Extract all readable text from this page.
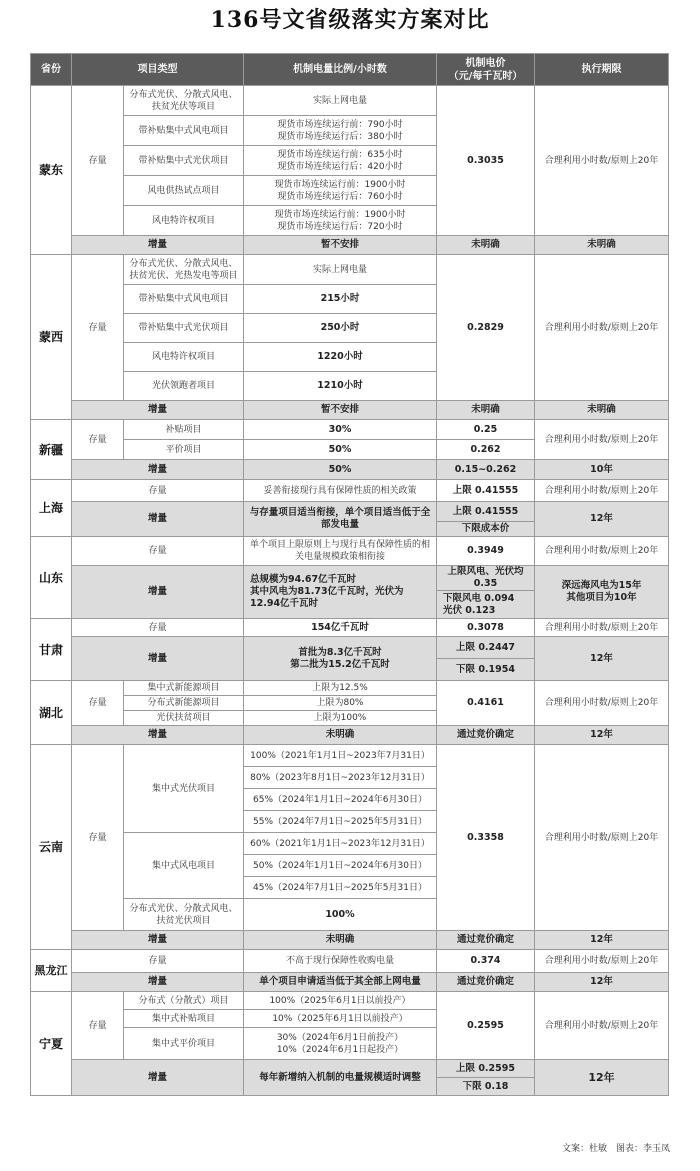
136号文省级落实方案对比
省份	项目类型		机制电量比例/小时数	机制电价
（元/每千瓦时）	执行期限
蒙东	存量	分布式光伏、分散式风电、
扶贫光伏等项目	实际上网电量	0.3035	合理利用小时数/原则上20年
		带补贴集中式风电项目	现货市场连续运行前：790小时
现货市场连续运行后：380小时		
		带补贴集中式光伏项目	现货市场连续运行前：635小时
现货市场连续运行后：420小时		
		风电供热试点项目	现货市场连续运行前：1900小时
现货市场连续运行后：760小时		
		风电特许权项目	现货市场连续运行前：1900小时
现货市场连续运行后：720小时		
	增量		暂不安排	未明确	未明确
蒙西	存量	分布式光伏、分散式风电、
扶贫光伏、光热发电等项目	实际上网电量	0.2829	合理利用小时数/原则上20年
		带补贴集中式风电项目	215小时		
		带补贴集中式光伏项目	250小时		
		风电特许权项目	1220小时		
		光伏领跑者项目	1210小时		
	增量		暂不安排	未明确	未明确
新疆	存量	补贴项目	30%	0.25	合理利用小时数/原则上20年
		平价项目	50%	0.262	
	增量		50%	0.15~0.262	10年
上海	存量		妥善衔接现行具有保障性质的相关政策	上限 0.41555	合理利用小时数/原则上20年
	增量		与存量项目适当衔接，单个项目适当低于全部发电量	上限 0.41555	12年
				下限成本价	
山东	存量		单个项目上限原则上与现行具有保障性质的相关电量规模政策相衔接	0.3949	合理利用小时数/原则上20年
	增量		总规模为94.67亿千瓦时
其中风电为81.73亿千瓦时，光伏为12.94亿千瓦时	上限风电、光伏均0.35	深远海风电为15年
其他项目为10年
				下限风电 0.094
光伏 0.123	
甘肃	存量		154亿千瓦时	0.3078	合理利用小时数/原则上20年
	增量		首批为8.3亿千瓦时
第二批为15.2亿千瓦时	上限 0.2447	12年
				下限 0.1954	
湖北	存量	集中式新能源项目	上限为12.5%	0.4161	合理利用小时数/原则上20年
		分布式新能源项目	上限为80%		
		光伏扶贫项目	上限为100%		
	增量		未明确	通过竞价确定	12年
云南	存量	集中式光伏项目	100%（2021年1月1日~2023年7月31日）	0.3358	合理利用小时数/原则上20年
			80%（2023年8月1日~2023年12月31日）		
			65%（2024年1月1日~2024年6月30日）		
			55%（2024年7月1日~2025年5月31日）		
		集中式风电项目	60%（2021年1月1日~2023年12月31日）		
			50%（2024年1月1日~2024年6月30日）		
			45%（2024年7月1日~2025年5月31日）		
		分布式光伏、分散式风电、
扶贫光伏项目	100%		

	增量		未明确	通过竞价确定	12年
黑龙江	存量		不高于现行保障性收购电量	0.374	合理利用小时数/原则上20年
	增量		单个项目申请适当低于其全部上网电量	通过竞价确定	12年
宁夏	存量	分布式（分散式）项目	100%（2025年6月1日以前投产）	0.2595	合理利用小时数/原则上20年
		集中式补贴项目	10%（2025年6月1日以前投产）		
		集中式平价项目	30%（2024年6月1日前投产）
10%（2024年6月1日起投产）		
	增量		每年新增纳入机制的电量规模适时调整	上限 0.2595	12年
				下限 0.18	
文案：杜敏　图表：李玉凤
